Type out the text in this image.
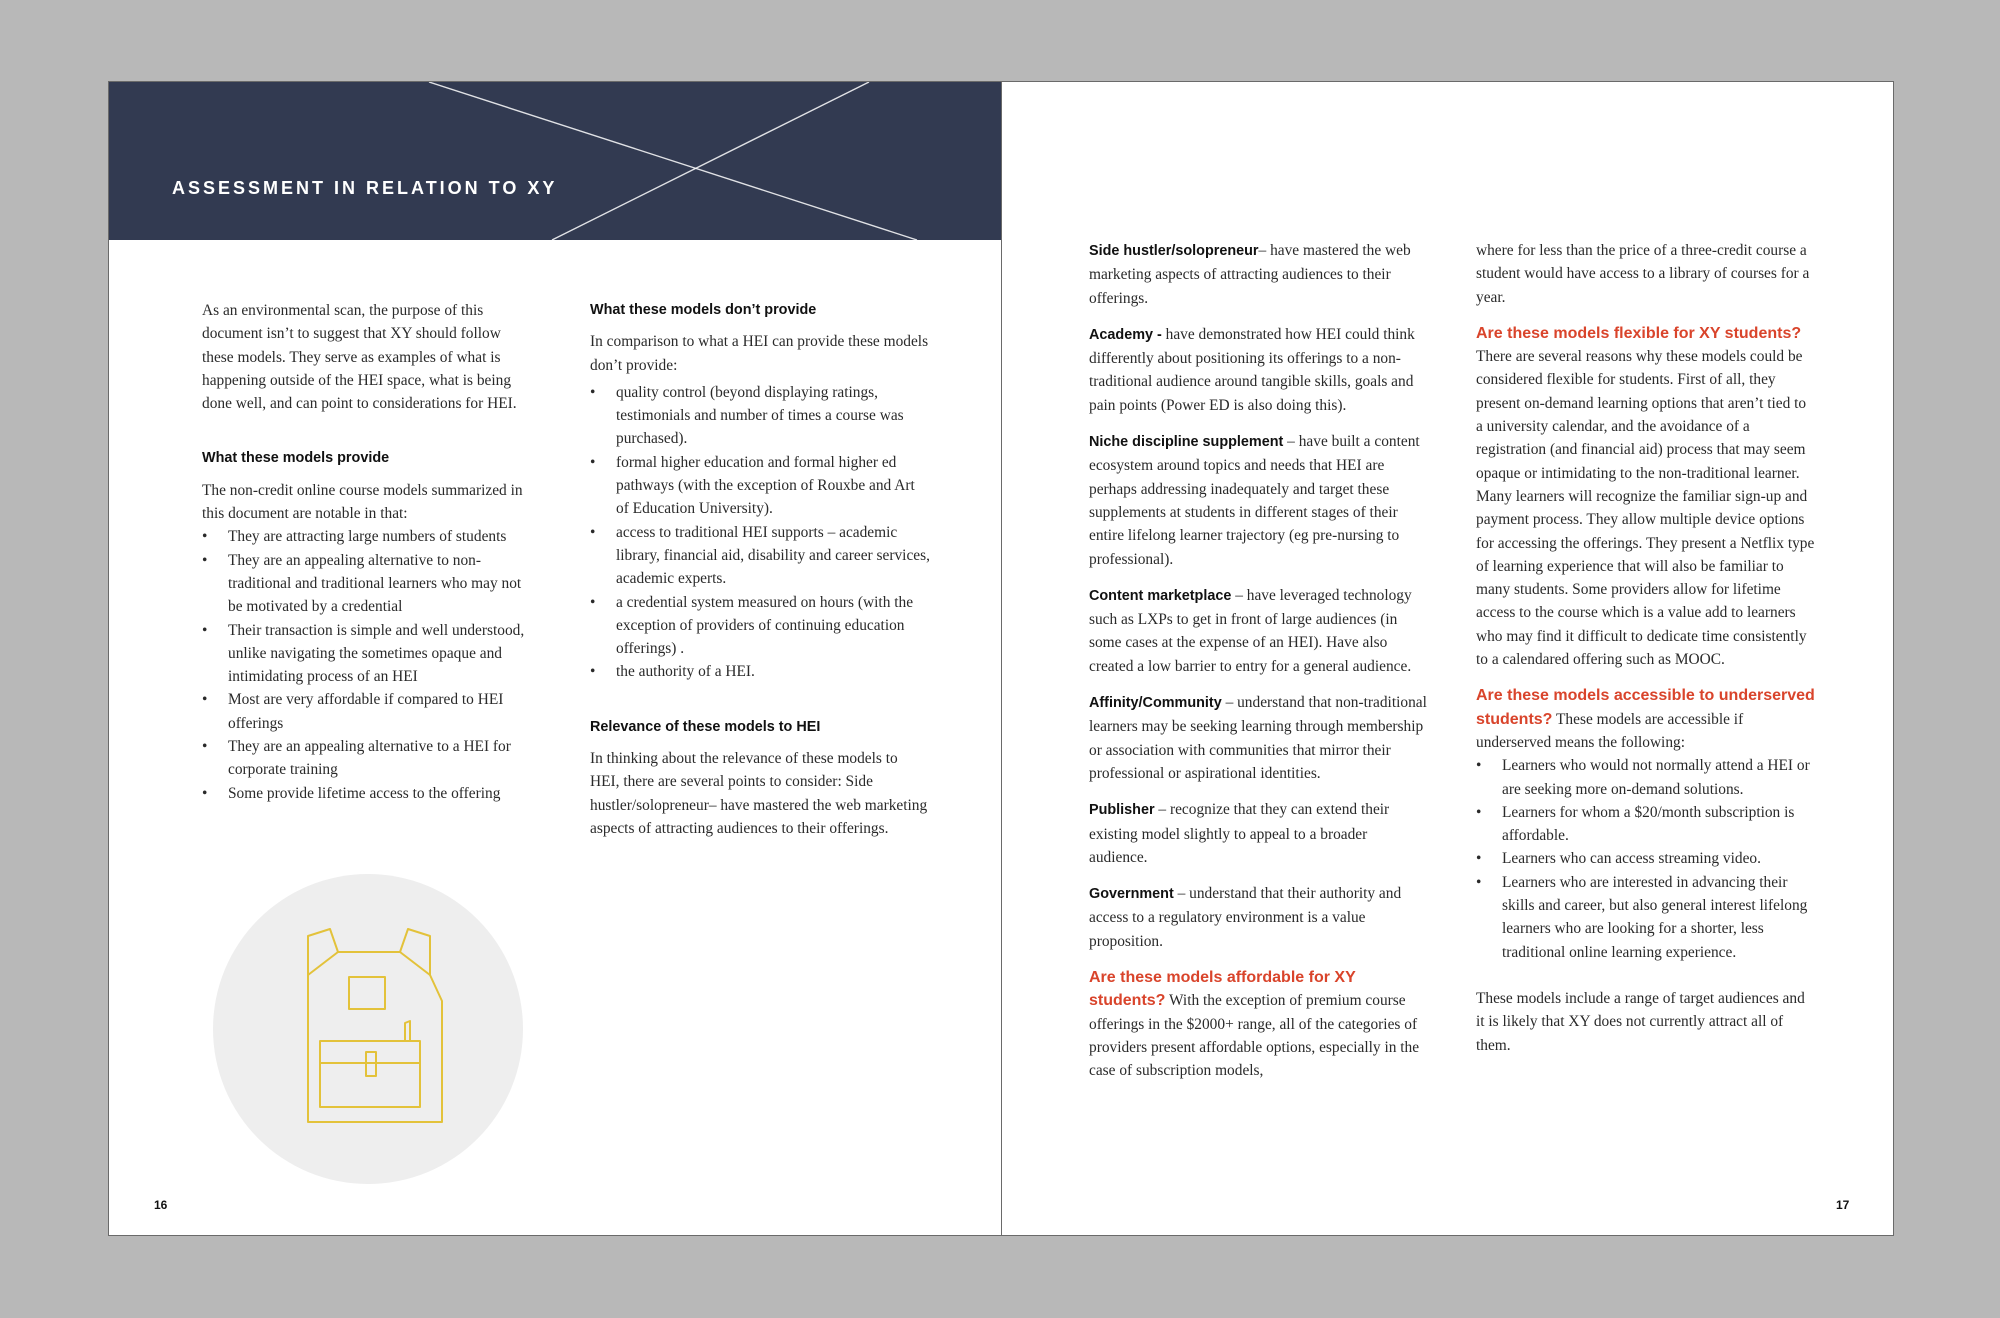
ASSESSMENT IN RELATION TO XY

As an environmental scan, the purpose of this document isn’t to suggest that XY should follow these models. They serve as examples of what is happening outside of the HEI space, what is being done well, and can point to considerations for HEI.

What these models provide

The non-credit online course models summarized in this document are notable in that:

• They are attracting large numbers of students
• They are an appealing alternative to non-traditional and traditional learners who may not be motivated by a credential
• Their transaction is simple and well understood, unlike navigating the sometimes opaque and intimidating process of an HEI
• Most are very affordable if compared to HEI offerings
• They are an appealing alternative to a HEI for corporate training
• Some provide lifetime access to the offering

What these models don’t provide

In comparison to what a HEI can provide these models don’t provide:

• quality control (beyond displaying ratings, testimonials and number of times a course was purchased).
• formal higher education and formal higher ed pathways (with the exception of Rouxbe and Art of Education University).
• access to traditional HEI supports – academic library, financial aid, disability and career services, academic experts.
• a credential system measured on hours (with the exception of providers of continuing education offerings) .
• the authority of a HEI.

Relevance of these models to HEI

In thinking about the relevance of these models to HEI, there are several points to consider: Side hustler/solopreneur– have mastered the web marketing aspects of attracting audiences to their offerings.

16

Side hustler/solopreneur– have mastered the web marketing aspects of attracting audiences to their offerings.

Academy - have demonstrated how HEI could think differently about positioning its offerings to a non-traditional audience around tangible skills, goals and pain points (Power ED is also doing this).

Niche discipline supplement – have built a content ecosystem around topics and needs that HEI are perhaps addressing inadequately and target these supplements at students in different stages of their entire lifelong learner trajectory (eg pre-nursing to professional).

Content marketplace – have leveraged technology such as LXPs to get in front of large audiences (in some cases at the expense of an HEI). Have also created a low barrier to entry for a general audience.

Affinity/Community – understand that non-traditional learners may be seeking learning through membership or association with communities that mirror their professional or aspirational identities.

Publisher – recognize that they can extend their existing model slightly to appeal to a broader audience.

Government – understand that their authority and access to a regulatory environment is a value proposition.

Are these models affordable for XY students? With the exception of premium course offerings in the $2000+ range, all of the categories of providers present affordable options, especially in the case of subscription models,

where for less than the price of a three-credit course a student would have access to a library of courses for a year.

Are these models flexible for XY students? There are several reasons why these models could be considered flexible for students. First of all, they present on-demand learning options that aren’t tied to a university calendar, and the avoidance of a registration (and financial aid) process that may seem opaque or intimidating to the non-traditional learner. Many learners will recognize the familiar sign-up and payment process. They allow multiple device options for accessing the offerings. They present a Netflix type of learning experience that will also be familiar to many students. Some providers allow for lifetime access to the course which is a value add to learners who may find it difficult to dedicate time consistently to a calendared offering such as MOOC.

Are these models accessible to underserved students? These models are accessible if underserved means the following:

• Learners who would not normally attend a HEI or are seeking more on-demand solutions.
• Learners for whom a $20/month subscription is affordable.
• Learners who can access streaming video.
• Learners who are interested in advancing their skills and career, but also general interest lifelong learners who are looking for a shorter, less traditional online learning experience.

These models include a range of target audiences and it is likely that XY does not currently attract all of them.

17
